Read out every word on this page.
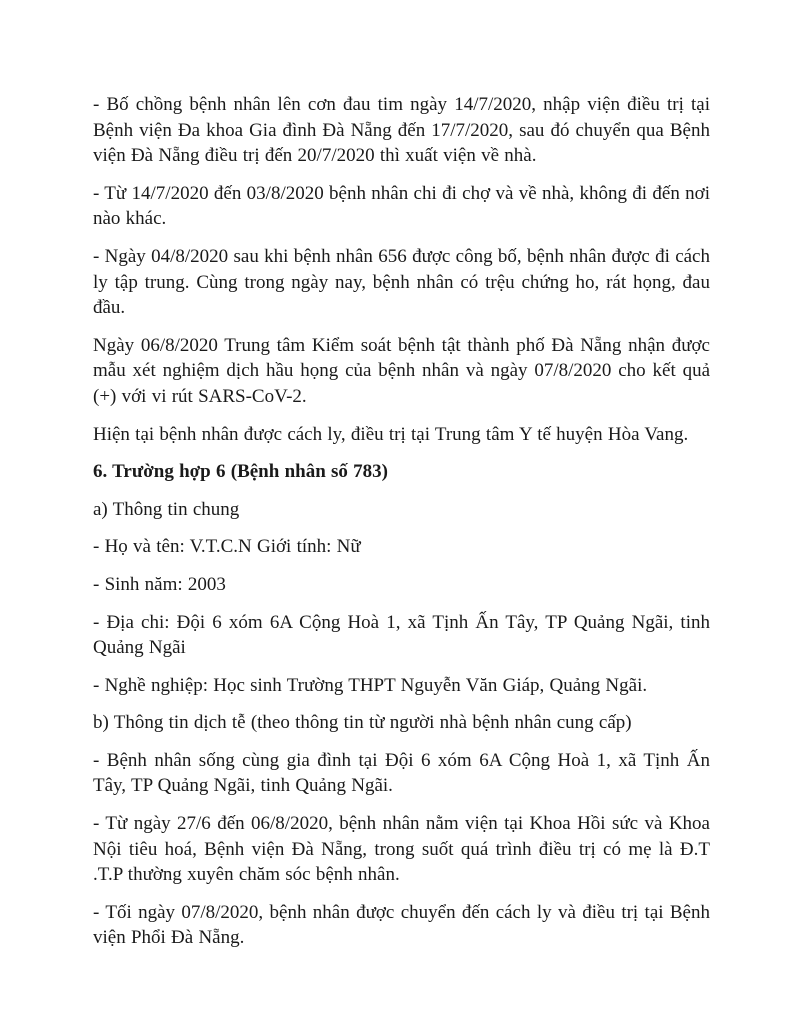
- Bố chồng bệnh nhân lên cơn đau tim ngày 14/7/2020, nhập viện điều trị tại Bệnh viện Đa khoa Gia đình Đà Nẵng đến 17/7/2020, sau đó chuyển qua Bệnh viện Đà Nẵng điều trị đến 20/7/2020 thì xuất viện về nhà.

- Từ 14/7/2020 đến 03/8/2020 bệnh nhân chi đi chợ và về nhà, không đi đến nơi nào khác.

- Ngày 04/8/2020 sau khi bệnh nhân 656 được công bố, bệnh nhân được đi cách ly tập trung. Cùng trong ngày nay, bệnh nhân có trệu chứng ho, rát họng, đau đầu.

Ngày 06/8/2020 Trung tâm Kiểm soát bệnh tật thành phố Đà Nẵng nhận được mẫu xét nghiệm dịch hầu họng của bệnh nhân và ngày 07/8/2020 cho kết quả (+) với vi rút SARS-CoV-2.

Hiện tại bệnh nhân được cách ly, điều trị tại Trung tâm Y tế huyện Hòa Vang.

6. Trường hợp 6 (Bệnh nhân số 783)

a) Thông tin chung

- Họ và tên: V.T.C.N Giới tính: Nữ

- Sinh năm: 2003

- Địa chi: Đội 6 xóm 6A Cộng Hoà 1, xã Tịnh Ấn Tây, TP Quảng Ngãi, tinh Quảng Ngãi

- Nghề nghiệp: Học sinh Trường THPT Nguyễn Văn Giáp, Quảng Ngãi.

b) Thông tin dịch tễ (theo thông tin từ người nhà bệnh nhân cung cấp)

- Bệnh nhân sống cùng gia đình tại Đội 6 xóm 6A Cộng Hoà 1, xã Tịnh Ấn Tây, TP Quảng Ngãi, tinh Quảng Ngãi.

- Từ ngày 27/6 đến 06/8/2020, bệnh nhân nằm viện tại Khoa Hồi sức và Khoa Nội tiêu hoá, Bệnh viện Đà Nẵng, trong suốt quá trình điều trị có mẹ là Đ.T .T.P thường xuyên chăm sóc bệnh nhân.

- Tối ngày 07/8/2020, bệnh nhân được chuyển đến cách ly và điều trị tại Bệnh viện Phổi Đà Nẵng.
